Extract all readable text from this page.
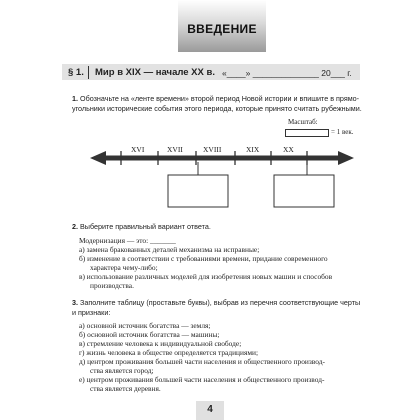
ВВЕДЕНИЕ
§ 1. Мир в XIX — начале XX в. «____» ______________ 20___ г.
1. Обозначьте на «ленте времени» второй период Новой истории и впишите в прямо-
угольники исторические события этого периода, которые принято считать рубежными.
Масштаб:
= 1 век.
XVI	XVII	XVIII	XIX	XX
2. Выберите правильный вариант ответа.
Модернизация — это: _______
а) замена бракованных деталей механизма на исправные;
б) изменение в соответствии с требованиями времени, придание современного
характера чему-либо;
в) использование различных моделей для изобретения новых машин и способов
производства.
3. Заполните таблицу (проставьте буквы), выбрав из перечня соответствующие черты
и признаки:
а) основной источник богатства — земля;
б) основной источник богатства — машины;
в) стремление человека к индивидуальной свободе;
г) жизнь человека в обществе определяется традициями;
д) центром проживания большей части населения и общественного производ-
ства является город;
е) центром проживания большей части населения и общественного производ-
ства является деревня.
4
